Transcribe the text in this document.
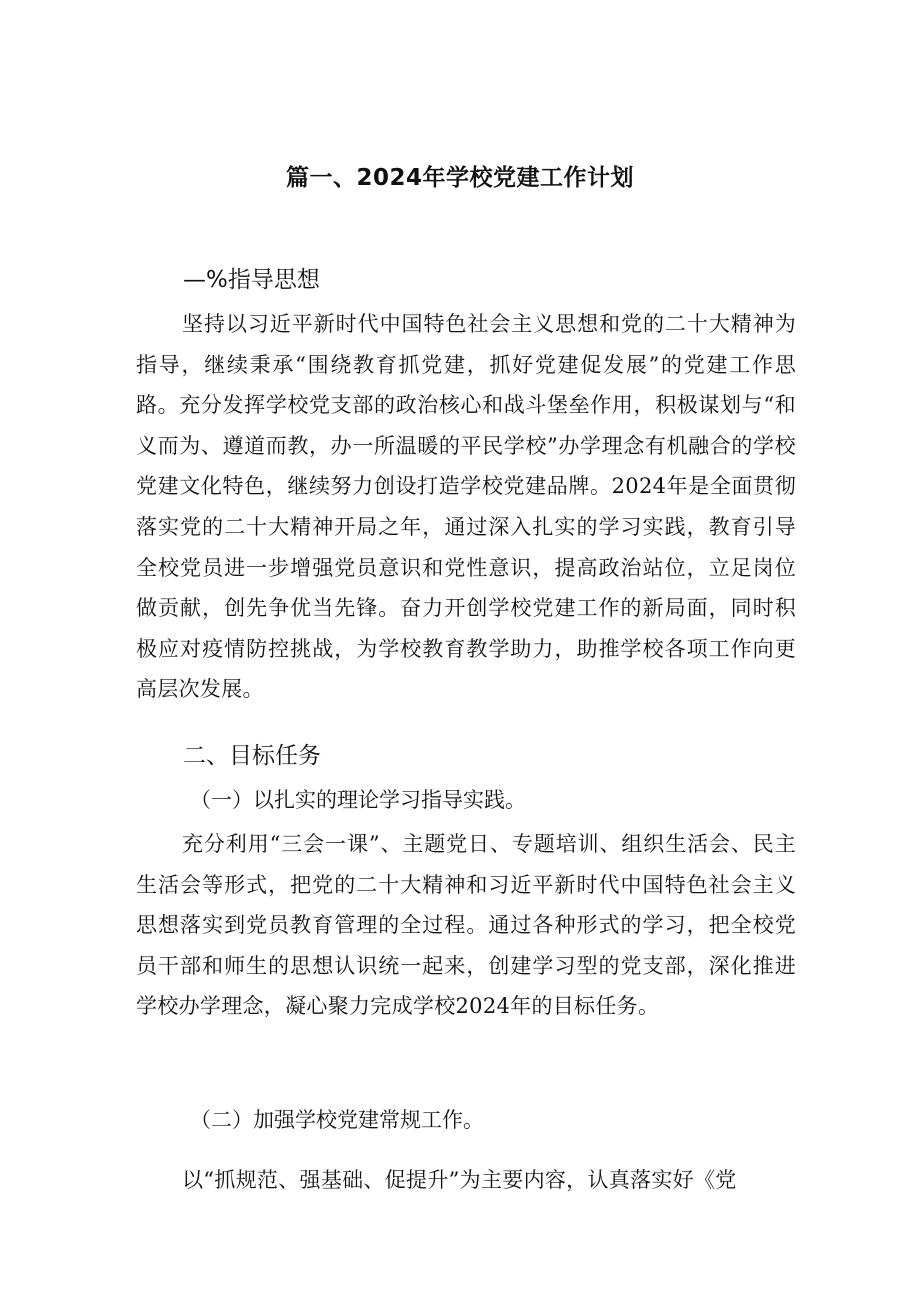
篇一、2024年学校党建工作计划
—%指导思想
坚持以习近平新时代中国特色社会主义思想和党的二十大精神为指导，继续秉承“围绕教育抓党建，抓好党建促发展”的党建工作思路。充分发挥学校党支部的政治核心和战斗堡垒作用，积极谋划与“和义而为、遵道而教，办一所温暖的平民学校”办学理念有机融合的学校党建文化特色，继续努力创设打造学校党建品牌。2024年是全面贯彻落实党的二十大精神开局之年，通过深入扎实的学习实践，教育引导全校党员进一步增强党员意识和党性意识，提高政治站位，立足岗位做贡献，创先争优当先锋。奋力开创学校党建工作的新局面，同时积极应对疫情防控挑战，为学校教育教学助力，助推学校各项工作向更高层次发展。
二、目标任务
（一）以扎实的理论学习指导实践。
充分利用“三会一课”、主题党日、专题培训、组织生活会、民主生活会等形式，把党的二十大精神和习近平新时代中国特色社会主义思想落实到党员教育管理的全过程。通过各种形式的学习，把全校党员干部和师生的思想认识统一起来，创建学习型的党支部，深化推进学校办学理念，凝心聚力完成学校2024年的目标任务。
（二）加强学校党建常规工作。
以“抓规范、强基础、促提升”为主要内容，认真落实好《党
